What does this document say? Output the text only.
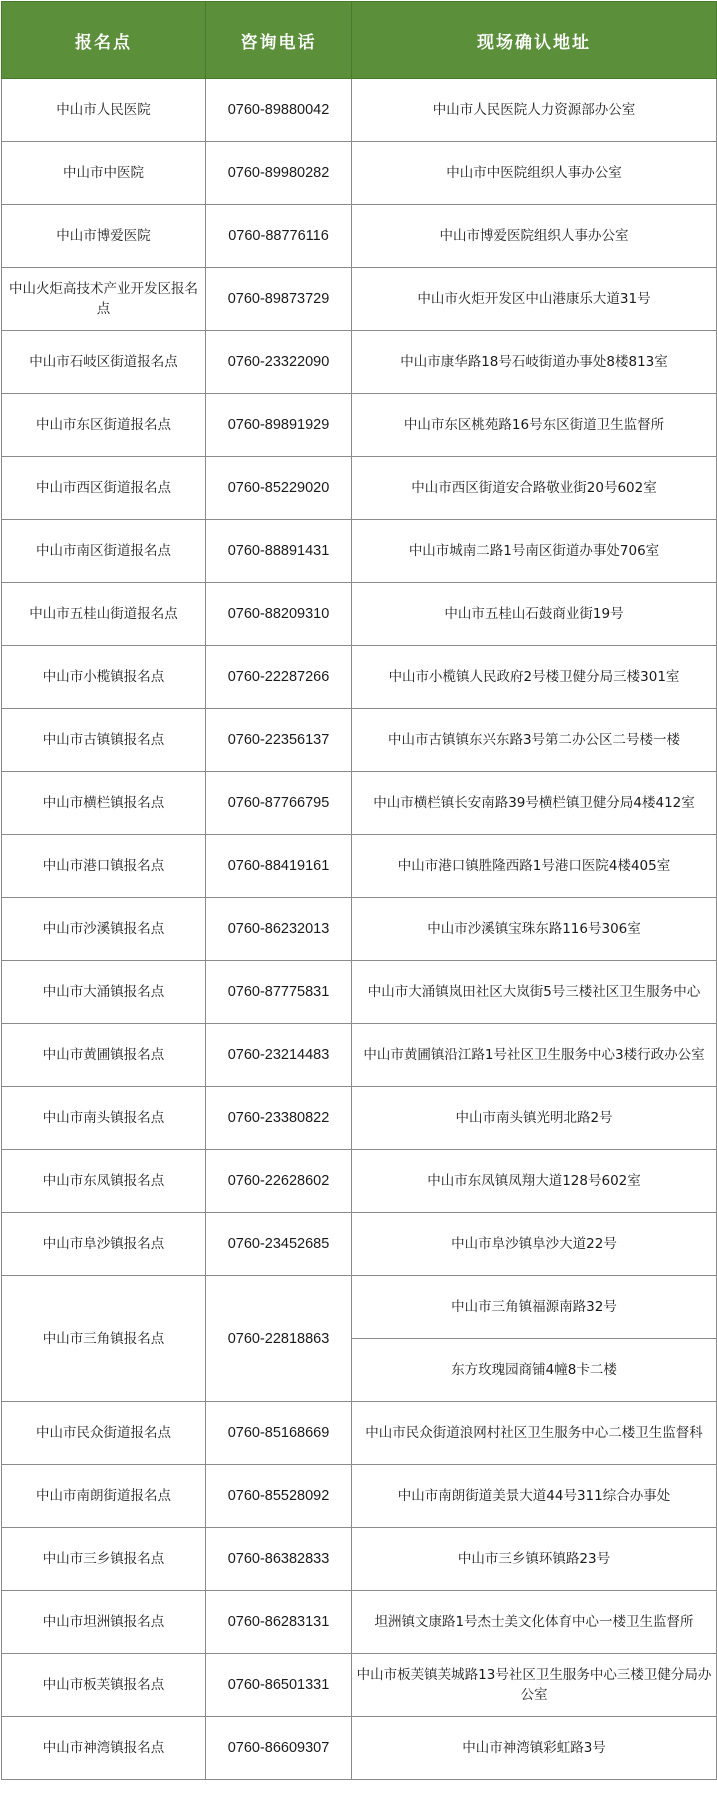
报名点	咨询电话	现场确认地址
中山市人民医院	0760-89880042	中山市人民医院人力资源部办公室
中山市中医院	0760-89980282	中山市中医院组织人事办公室
中山市博爱医院	0760-88776116	中山市博爱医院组织人事办公室
中山火炬高技术产业开发区报名点	0760-89873729	中山市火炬开发区中山港康乐大道31号
中山市石岐区街道报名点	0760-23322090	中山市康华路18号石岐街道办事处8楼813室
中山市东区街道报名点	0760-89891929	中山市东区桃苑路16号东区街道卫生监督所
中山市西区街道报名点	0760-85229020	中山市西区街道安合路敬业街20号602室
中山市南区街道报名点	0760-88891431	中山市城南二路1号南区街道办事处706室
中山市五桂山街道报名点	0760-88209310	中山市五桂山石鼓商业街19号
中山市小榄镇报名点	0760-22287266	中山市小榄镇人民政府2号楼卫健分局三楼301室
中山市古镇镇报名点	0760-22356137	中山市古镇镇东兴东路3号第二办公区二号楼一楼
中山市横栏镇报名点	0760-87766795	中山市横栏镇长安南路39号横栏镇卫健分局4楼412室
中山市港口镇报名点	0760-88419161	中山市港口镇胜隆西路1号港口医院4楼405室
中山市沙溪镇报名点	0760-86232013	中山市沙溪镇宝珠东路116号306室
中山市大涌镇报名点	0760-87775831	中山市大涌镇岚田社区大岚街5号三楼社区卫生服务中心
中山市黄圃镇报名点	0760-23214483	中山市黄圃镇沿江路1号社区卫生服务中心3楼行政办公室
中山市南头镇报名点	0760-23380822	中山市南头镇光明北路2号
中山市东凤镇报名点	0760-22628602	中山市东凤镇凤翔大道128号602室
中山市阜沙镇报名点	0760-23452685	中山市阜沙镇阜沙大道22号
中山市三角镇报名点	0760-22818863	中山市三角镇福源南路32号
		东方玫瑰园商铺4幢8卡二楼
中山市民众街道报名点	0760-85168669	中山市民众街道浪网村社区卫生服务中心二楼卫生监督科
中山市南朗街道报名点	0760-85528092	中山市南朗街道美景大道44号311综合办事处
中山市三乡镇报名点	0760-86382833	中山市三乡镇环镇路23号
中山市坦洲镇报名点	0760-86283131	坦洲镇文康路1号杰士美文化体育中心一楼卫生监督所
中山市板芙镇报名点	0760-86501331	中山市板芙镇芙城路13号社区卫生服务中心三楼卫健分局办公室
中山市神湾镇报名点	0760-86609307	中山市神湾镇彩虹路3号
